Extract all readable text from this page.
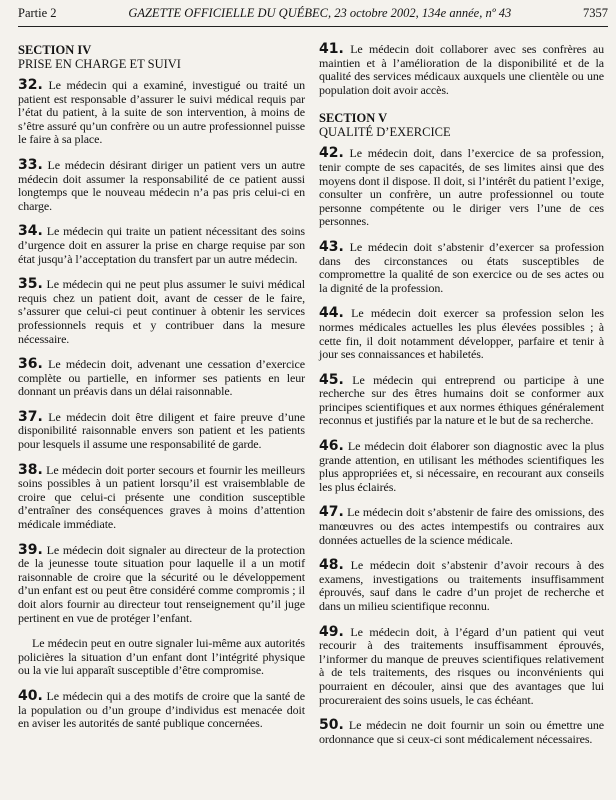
Partie 2	GAZETTE OFFICIELLE DU QUÉBEC, 23 octobre 2002, 134e année, nº 43	7357
SECTION IV
PRISE EN CHARGE ET SUIVI

32. Le médecin qui a examiné, investigué ou traité un patient est responsable d’assurer le suivi médical requis par l’état du patient, à la suite de son intervention, à moins de s’être assuré qu’un confrère ou un autre professionnel puisse le faire à sa place.

33. Le médecin désirant diriger un patient vers un autre médecin doit assumer la responsabilité de ce patient aussi longtemps que le nouveau médecin n’a pas pris celui-ci en charge.

34. Le médecin qui traite un patient nécessitant des soins d’urgence doit en assurer la prise en charge requise par son état jusqu’à l’acceptation du transfert par un autre médecin.

35. Le médecin qui ne peut plus assumer le suivi médical requis chez un patient doit, avant de cesser de le faire, s’assurer que celui-ci peut continuer à obtenir les services professionnels requis et y contribuer dans la mesure nécessaire.

36. Le médecin doit, advenant une cessation d’exercice complète ou partielle, en informer ses patients en leur donnant un préavis dans un délai raisonnable.

37. Le médecin doit être diligent et faire preuve d’une disponibilité raisonnable envers son patient et les patients pour lesquels il assume une responsabilité de garde.

38. Le médecin doit porter secours et fournir les meilleurs soins possibles à un patient lorsqu’il est vraisemblable de croire que celui-ci présente une condition susceptible d’entraîner des conséquences graves à moins d’attention médicale immédiate.

39. Le médecin doit signaler au directeur de la protection de la jeunesse toute situation pour laquelle il a un motif raisonnable de croire que la sécurité ou le développement d’un enfant est ou peut être considéré comme compromis ; il doit alors fournir au directeur tout renseignement qu’il juge pertinent en vue de protéger l’enfant.

Le médecin peut en outre signaler lui-même aux autorités policières la situation d’un enfant dont l’intégrité physique ou la vie lui apparaît susceptible d’être compromise.

40. Le médecin qui a des motifs de croire que la santé de la population ou d’un groupe d’individus est menacée doit en aviser les autorités de santé publique concernées.

41. Le médecin doit collaborer avec ses confrères au maintien et à l’amélioration de la disponibilité et de la qualité des services médicaux auxquels une clientèle ou une population doit avoir accès.

SECTION V
QUALITÉ D’EXERCICE

42. Le médecin doit, dans l’exercice de sa profession, tenir compte de ses capacités, de ses limites ainsi que des moyens dont il dispose. Il doit, si l’intérêt du patient l’exige, consulter un confrère, un autre professionnel ou toute personne compétente ou le diriger vers l’une de ces personnes.

43. Le médecin doit s’abstenir d’exercer sa profession dans des circonstances ou états susceptibles de compromettre la qualité de son exercice ou de ses actes ou la dignité de la profession.

44. Le médecin doit exercer sa profession selon les normes médicales actuelles les plus élevées possibles ; à cette fin, il doit notamment développer, parfaire et tenir à jour ses connaissances et habiletés.

45. Le médecin qui entreprend ou participe à une recherche sur des êtres humains doit se conformer aux principes scientifiques et aux normes éthiques généralement reconnus et justifiés par la nature et le but de sa recherche.

46. Le médecin doit élaborer son diagnostic avec la plus grande attention, en utilisant les méthodes scientifiques les plus appropriées et, si nécessaire, en recourant aux conseils les plus éclairés.

47. Le médecin doit s’abstenir de faire des omissions, des manœuvres ou des actes intempestifs ou contraires aux données actuelles de la science médicale.

48. Le médecin doit s’abstenir d’avoir recours à des examens, investigations ou traitements insuffisamment éprouvés, sauf dans le cadre d’un projet de recherche et dans un milieu scientifique reconnu.

49. Le médecin doit, à l’égard d’un patient qui veut recourir à des traitements insuffisamment éprouvés, l’informer du manque de preuves scientifiques relativement à de tels traitements, des risques ou inconvénients qui pourraient en découler, ainsi que des avantages que lui procureraient des soins usuels, le cas échéant.

50. Le médecin ne doit fournir un soin ou émettre une ordonnance que si ceux-ci sont médicalement nécessaires.
